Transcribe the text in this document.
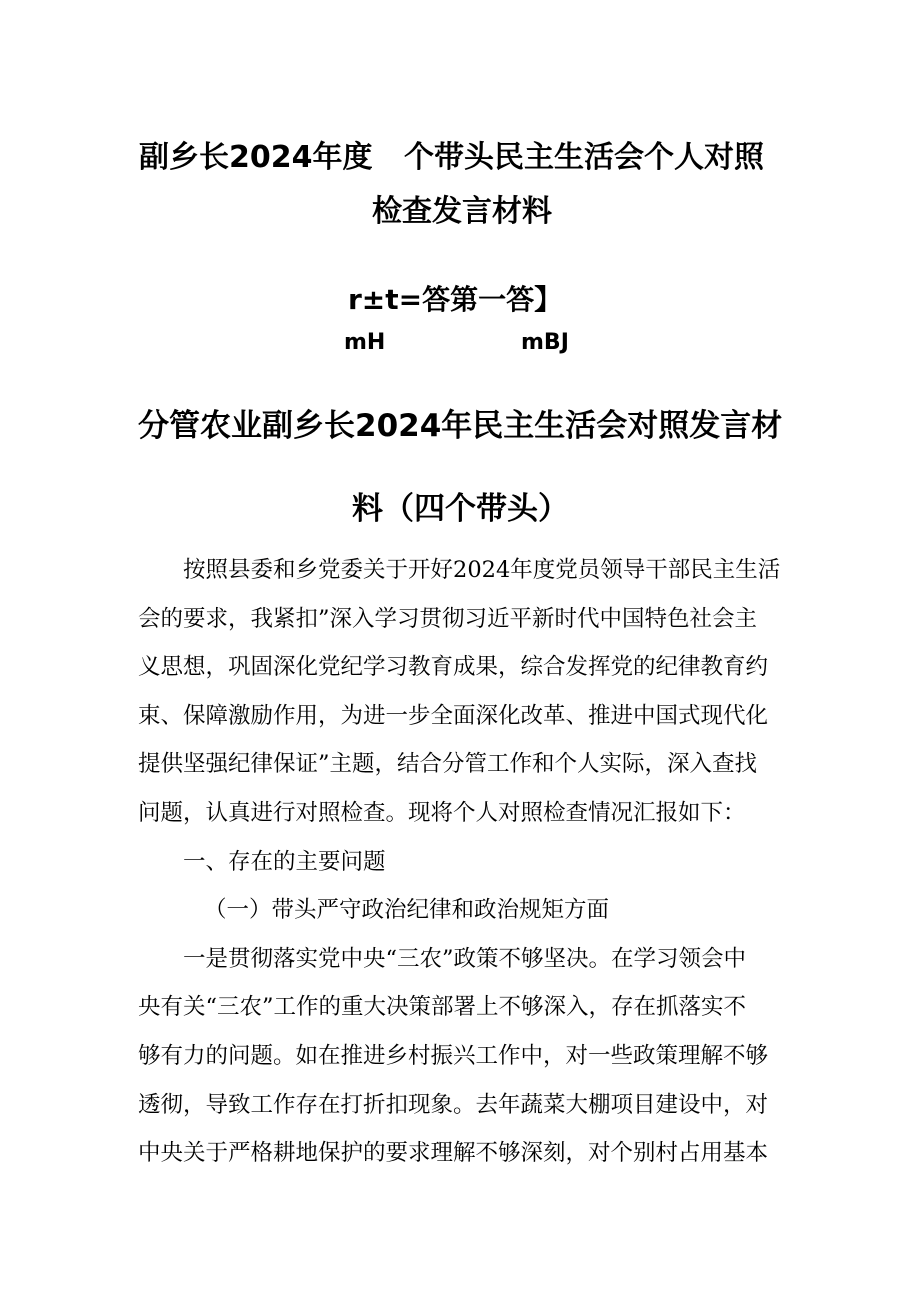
副乡长2024年度 个带头民主生活会个人对照
检查发言材料
r±t=答第一答】
mH	mBJ
分管农业副乡长2024年民主生活会对照发言材
料（四个带头）
按照县委和乡党委关于开好2024年度党员领导干部民主生活
会的要求，我紧扣”深入学习贯彻习近平新时代中国特色社会主
义思想，巩固深化党纪学习教育成果，综合发挥党的纪律教育约
束、保障激励作用，为进一步全面深化改革、推进中国式现代化
提供坚强纪律保证”主题，结合分管工作和个人实际，深入查找
问题，认真进行对照检查。现将个人对照检查情况汇报如下：
一、存在的主要问题
（一）带头严守政治纪律和政治规矩方面
一是贯彻落实党中央“三农”政策不够坚决。在学习领会中
央有关“三农”工作的重大决策部署上不够深入，存在抓落实不
够有力的问题。如在推进乡村振兴工作中，对一些政策理解不够
透彻，导致工作存在打折扣现象。去年蔬菜大棚项目建设中，对
中央关于严格耕地保护的要求理解不够深刻，对个别村占用基本
